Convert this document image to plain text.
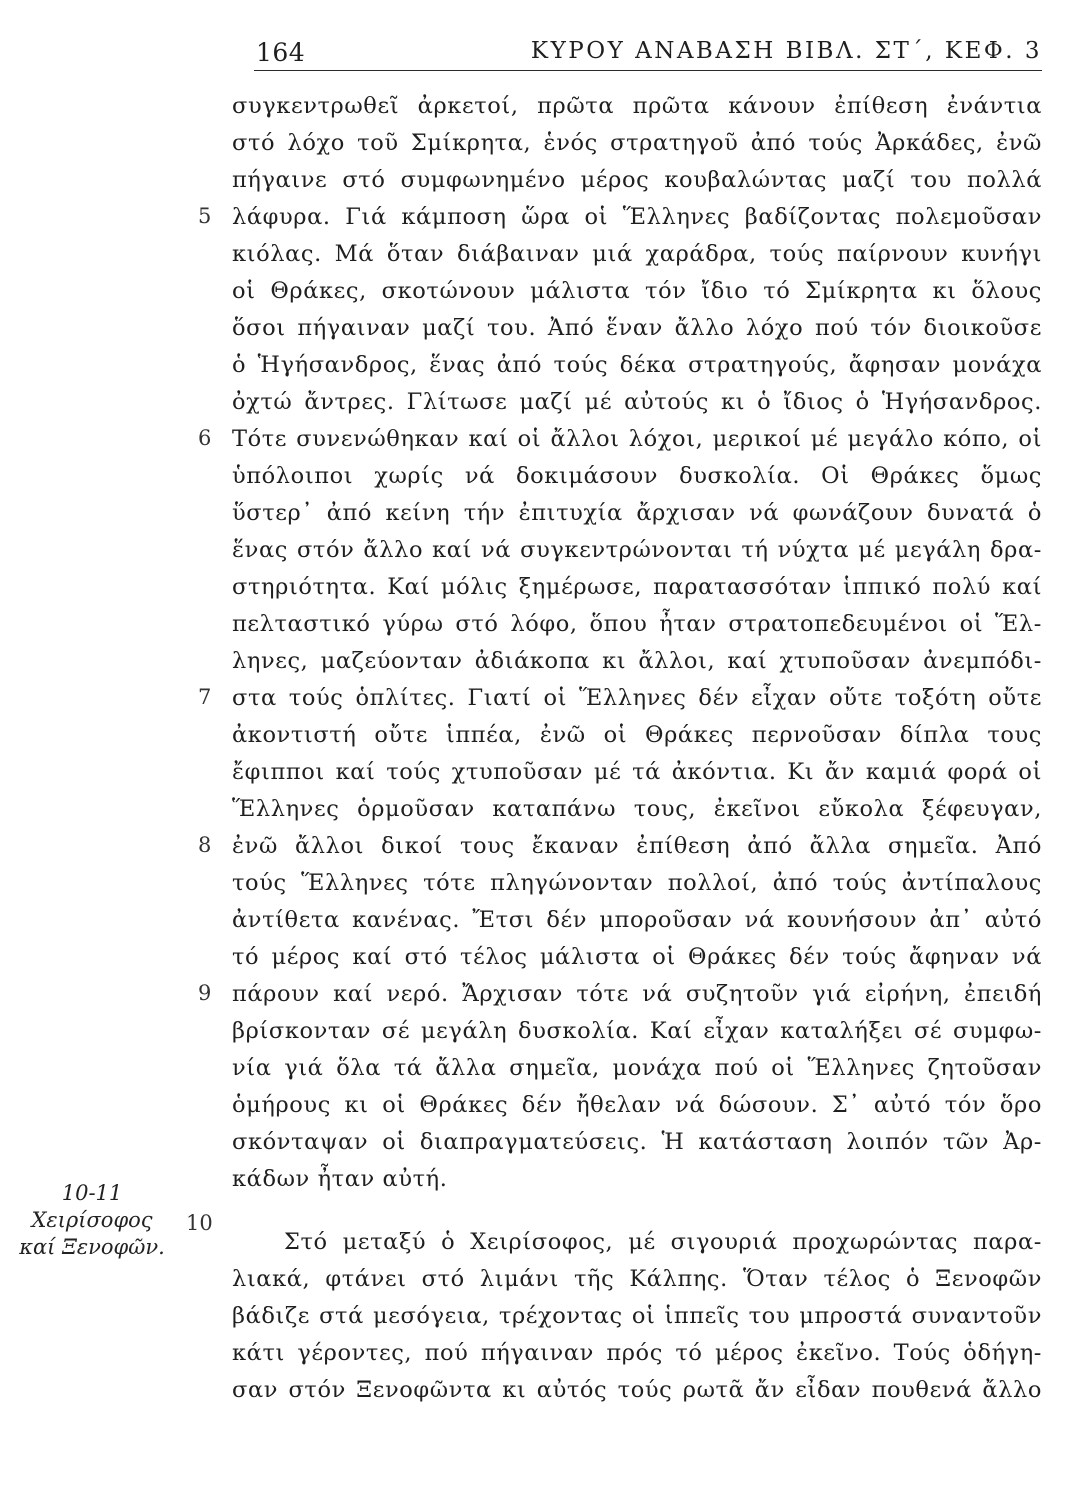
164	ΚΥΡΟΥ ΑΝΑΒΑΣΗ ΒΙΒΛ. ΣΤ΄, ΚΕΦ. 3
συγκεντρωθεῖ ἀρκετοί, πρῶτα πρῶτα κάνουν ἐπίθεση ἐνάντια
στό λόχο τοῦ Σμίκρητα, ἑνός στρατηγοῦ ἀπό τούς Ἀρκάδες, ἐνῶ
πήγαινε στό συμφωνημένο μέρος κουβαλώντας μαζί του πολλά
λάφυρα. Γιά κάμποση ὥρα οἱ Ἕλληνες βαδίζοντας πολεμοῦσαν
κιόλας. Μά ὅταν διάβαιναν μιά χαράδρα, τούς παίρνουν κυνήγι
οἱ Θράκες, σκοτώνουν μάλιστα τόν ἴδιο τό Σμίκρητα κι ὅλους
ὅσοι πήγαιναν μαζί του. Ἀπό ἕναν ἄλλο λόχο πού τόν διοικοῦσε
ὁ Ἡγήσανδρος, ἕνας ἀπό τούς δέκα στρατηγούς, ἄφησαν μονάχα
ὀχτώ ἄντρες. Γλίτωσε μαζί μέ αὐτούς κι ὁ ἴδιος ὁ Ἡγήσανδρος.
Τότε συνενώθηκαν καί οἱ ἄλλοι λόχοι, μερικοί μέ μεγάλο κόπο, οἱ
ὑπόλοιποι χωρίς νά δοκιμάσουν δυσκολία. Οἱ Θράκες ὅμως
ὕστερ᾽ ἀπό κείνη τήν ἐπιτυχία ἄρχισαν νά φωνάζουν δυνατά ὁ
ἕνας στόν ἄλλο καί νά συγκεντρώνονται τή νύχτα μέ μεγάλη δρα-
στηριότητα. Καί μόλις ξημέρωσε, παρατασσόταν ἱππικό πολύ καί
πελταστικό γύρω στό λόφο, ὅπου ἦταν στρατοπεδευμένοι οἱ Ἕλ-
ληνες, μαζεύονταν ἀδιάκοπα κι ἄλλοι, καί χτυποῦσαν ἀνεμπόδι-
στα τούς ὁπλίτες. Γιατί οἱ Ἕλληνες δέν εἶχαν οὔτε τοξότη οὔτε
ἀκοντιστή οὔτε ἱππέα, ἐνῶ οἱ Θράκες περνοῦσαν δίπλα τους
ἔφιπποι καί τούς χτυποῦσαν μέ τά ἀκόντια. Κι ἄν καμιά φορά οἱ
Ἕλληνες ὁρμοῦσαν καταπάνω τους, ἐκεῖνοι εὔκολα ξέφευγαν,
ἐνῶ ἄλλοι δικοί τους ἔκαναν ἐπίθεση ἀπό ἄλλα σημεῖα. Ἀπό
τούς Ἕλληνες τότε πληγώνονταν πολλοί, ἀπό τούς ἀντίπαλους
ἀντίθετα κανένας. Ἔτσι δέν μποροῦσαν νά κουνήσουν ἀπ᾽ αὐτό
τό μέρος καί στό τέλος μάλιστα οἱ Θράκες δέν τούς ἄφηναν νά
πάρουν καί νερό. Ἄρχισαν τότε νά συζητοῦν γιά εἰρήνη, ἐπειδή
βρίσκονταν σέ μεγάλη δυσκολία. Καί εἶχαν καταλήξει σέ συμφω-
νία γιά ὅλα τά ἄλλα σημεῖα, μονάχα πού οἱ Ἕλληνες ζητοῦσαν
ὁμήρους κι οἱ Θράκες δέν ἤθελαν νά δώσουν. Σ᾽ αὐτό τόν ὅρο
σκόνταψαν οἱ διαπραγματεύσεις. Ἡ κατάσταση λοιπόν τῶν Ἀρ-
κάδων ἦταν αὐτή.
Στό μεταξύ ὁ Χειρίσοφος, μέ σιγουριά προχωρώντας παρα-
λιακά, φτάνει στό λιμάνι τῆς Κάλπης. Ὅταν τέλος ὁ Ξενοφῶν
βάδιζε στά μεσόγεια, τρέχοντας οἱ ἱππεῖς του μπροστά συναντοῦν
κάτι γέροντες, πού πήγαιναν πρός τό μέρος ἐκεῖνο. Τούς ὁδήγη-
σαν στόν Ξενοφῶντα κι αὐτός τούς ρωτᾶ ἄν εἶδαν πουθενά ἄλλο
5
6
7
8
9
10
10-11
Χειρίσοφος
καί Ξενοφῶν.
